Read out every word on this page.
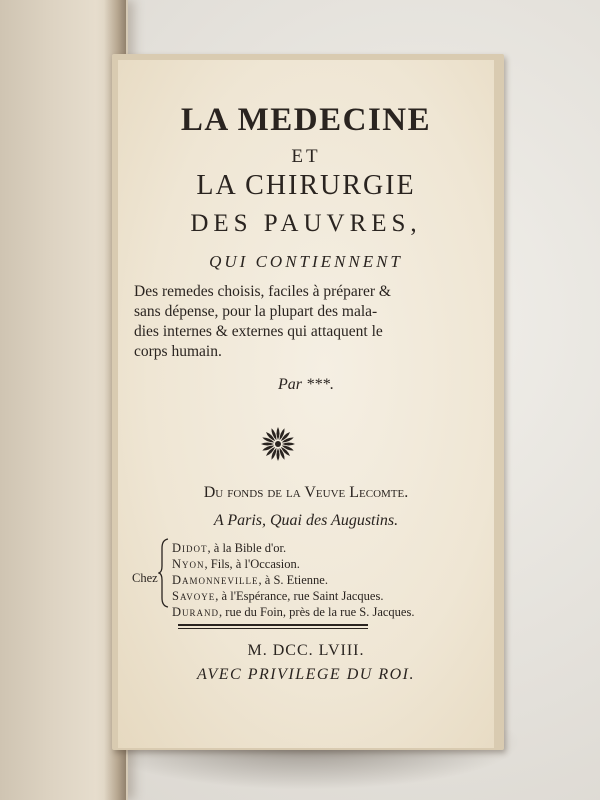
LA MEDECINE
ET
LA CHIRURGIE
DES PAUVRES,
QUI CONTIENNENT
Des remedes choisis, faciles à préparer &
sans dépense, pour la plupart des mala-
dies internes & externes qui attaquent le
corps humain.
Par ***.
Du fonds de la Veuve Lecomte.
A Paris, Quai des Augustins.
Chez
Didot, à la Bible d'or.
Nyon, Fils, à l'Occasion.
Damonneville, à S. Etienne.
Savoye, à l'Espérance, rue Saint Jacques.
Durand, rue du Foin, près de la rue S. Jacques.
M. DCC. LVIII.
AVEC PRIVILEGE DU ROI.
